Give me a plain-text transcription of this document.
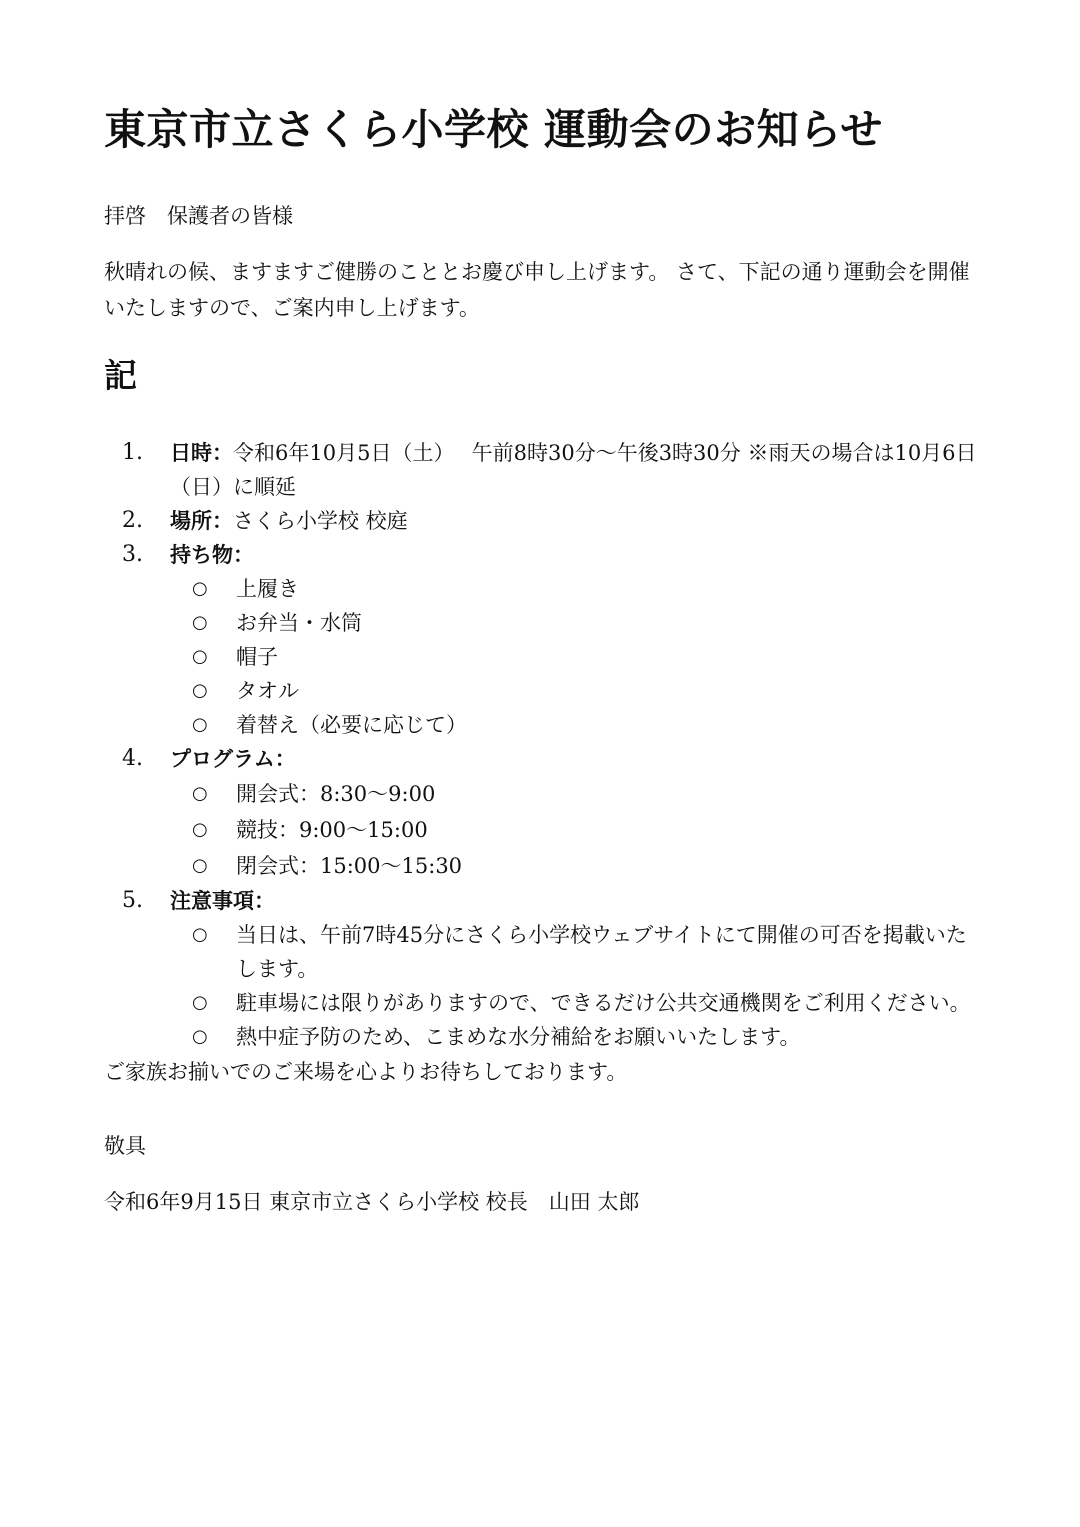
東京市立さくら小学校 運動会のお知らせ

拝啓　保護者の皆様

秋晴れの候、ますますご健勝のこととお慶び申し上げます。 さて、下記の通り運動会を開催いたしますので、ご案内申し上げます。

記
1. 日時：令和6年10月5日（土）　 午前8時30分〜午後3時30分 ※雨天の場合は10月6日（日）に順延
2. 場所：さくら小学校 校庭
3. 持ち物：
○ 上履き
○ お弁当・水筒
○ 帽子
○ タオル
○ 着替え（必要に応じて）
4. プログラム：
○ 開会式：8:30〜9:00
○ 競技：9:00〜15:00
○ 閉会式：15:00〜15:30
5. 注意事項：
○ 当日は、午前7時45分にさくら小学校ウェブサイトにて開催の可否を掲載いたします。
○ 駐車場には限りがありますので、できるだけ公共交通機関をご利用ください。
○ 熱中症予防のため、こまめな水分補給をお願いいたします。

ご家族お揃いでのご来場を心よりお待ちしております。

敬具

令和6年9月15日 東京市立さくら小学校 校長　山田 太郎
